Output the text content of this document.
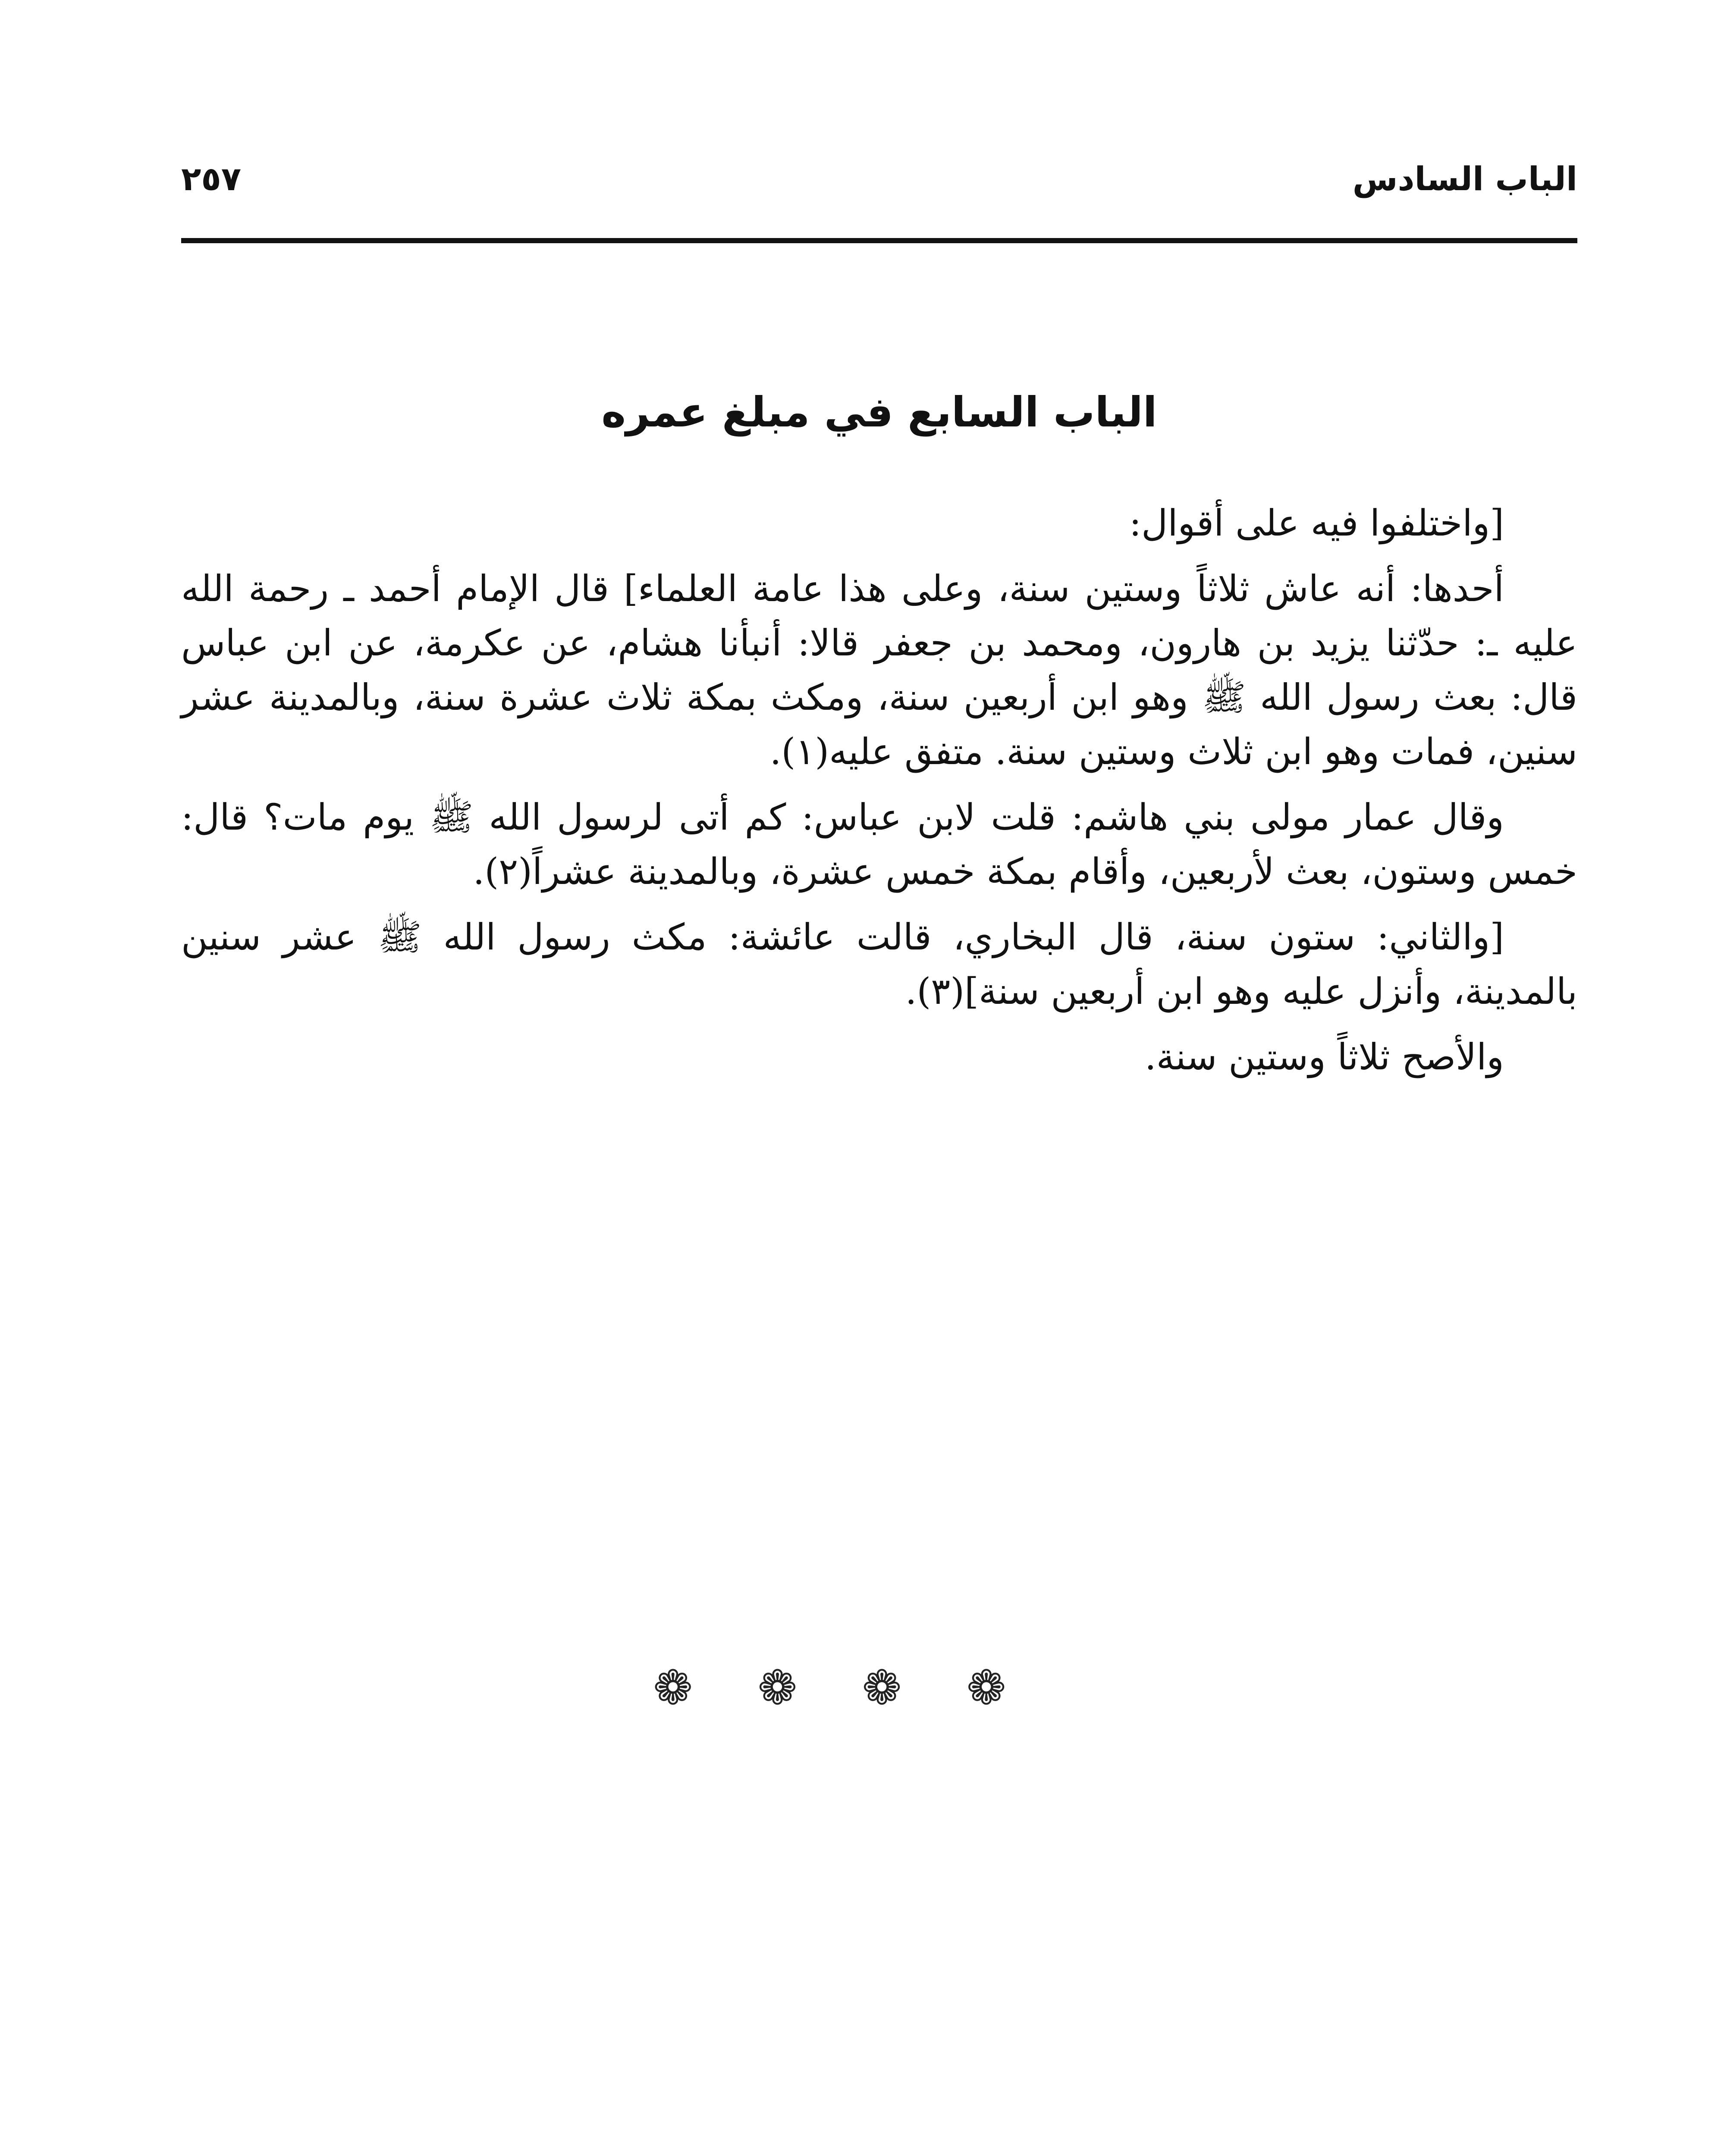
الباب السادس
٢٥٧
الباب السابع في مبلغ عمره

[واختلفوا فيه على أقوال:

أحدها: أنه عاش ثلاثاً وستين سنة، وعلى هذا عامة العلماء] قال الإمام أحمد ـ رحمة الله عليه ـ: حدّثنا يزيد بن هارون، ومحمد بن جعفر قالا: أنبأنا هشام، عن عكرمة، عن ابن عباس قال: بعث رسول الله ﷺ وهو ابن أربعين سنة، ومكث بمكة ثلاث عشرة سنة، وبالمدينة عشر سنين، فمات وهو ابن ثلاث وستين سنة. متفق عليه(١).

وقال عمار مولى بني هاشم: قلت لابن عباس: كم أتى لرسول الله ﷺ يوم مات؟ قال: خمس وستون، بعث لأربعين، وأقام بمكة خمس عشرة، وبالمدينة عشراً(٢).

[والثاني: ستون سنة، قال البخاري، قالت عائشة: مكث رسول الله ﷺ عشر سنين بالمدينة، وأنزل عليه وهو ابن أربعين سنة](٣).

والأصح ثلاثاً وستين سنة.

❁❁❁❁
